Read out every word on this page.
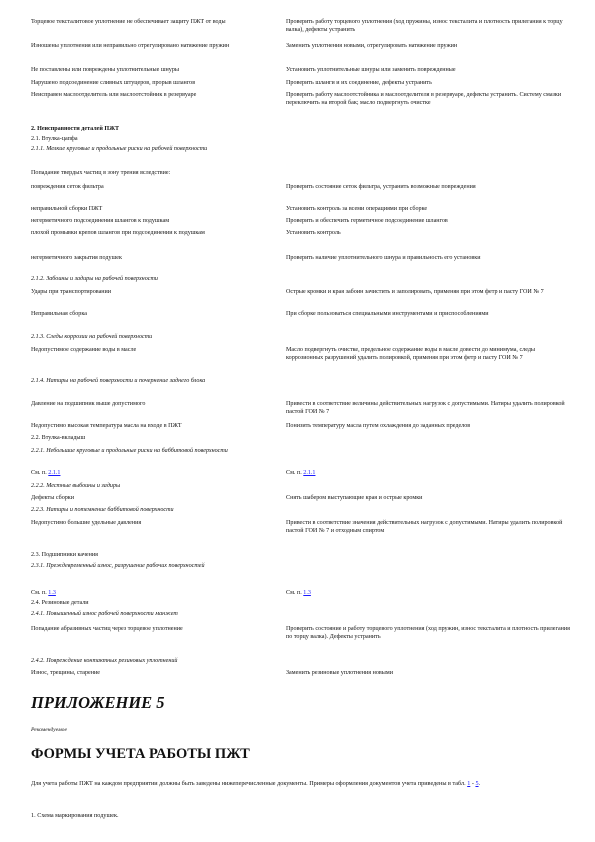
Торцевое тексталитовое уплотнение не обеспечивает защиту ПЖТ от воды	Проверить работу торцевого уплотнения (ход пружины, износ тексталита и плотность прилегания к торцу валка), дефекты устранить
Изношены уплотнения или неправильно отрегулировано натяжение пружин	Заменить уплотнения новыми, отрегулировать натяжение пружин
Не поставлены или повреждены уплотнительные шнуры	Установить уплотнительные шнуры или заменить поврежденные
Нарушено подсоединение сливных штуцеров, прорыв шлангов	Проверить шланги и их соединение, дефекты устранить
Неисправен маслоотделитель или маслоотстойник в резервуаре	Проверить работу маслоотстойника и маслоотделителя в резервуаре, дефекты устранить. Систему смазки переключить на второй бак; масло подвергнуть очистке
2. Неисправности деталей ПЖТ
2.1. Втулка-цапфа
2.1.1. Мелкие круговые и продольные риски на рабочей поверхности
Попадание твердых частиц в зону трения вследствие:
повреждения сеток фильтра	Проверить состояние сеток фильтра, устранить возможные повреждения
неправильной сборки ПЖТ	Установить контроль за всеми операциями при сборке
негерметичного подсоединения шлангов к подушкам	Проверить и обеспечить герметичное подсоединение шлангов
плохой промывки крепов шлангов при подсоединении к подушкам	Установить контроль
негерметичного закрытия подушек	Проверить наличие уплотнительного шнура и правильность его установки
2.1.2. Забоины и задиры на рабочей поверхности
Удары при транспортировании	Острые кромки и края забоин зачистить и заполировать, применяя при этом фетр и пасту ГОИ № 7
Неправильная сборка	При сборке пользоваться специальными инструментами и приспособлениями
2.1.3. Следы коррозии на рабочей поверхности
Недопустимое содержание воды в масле	Масло подвергнуть очистке, предельное содержание воды в масле довести до минимума, следы коррозионных разрушений удалить полировкой, применяя при этом фетр и пасту ГОИ № 7
2.1.4. Натиры на рабочей поверхности и почернение заднего блока
Давление на подшипник выше допустимого	Привести в соответствие величины действительных нагрузок с допустимыми. Натиры удалить полировкой пастой ГОИ № 7
Недопустимо высокая температура масла на входе в ПЖТ	Понизить температуру масла путем охлаждения до заданных пределов
2.2. Втулка-вкладыш
2.2.1. Небольшие круговые и продольные риски на баббитовой поверхности
См. п. 2.1.1	См. п. 2.1.1
2.2.2. Местные выбоины и задиры
Дефекты сборки	Снять шабером выступающие края и острые кромки
2.2.3. Натиры и потемнение баббитовой поверхности
Недопустимо большие удельные давления	Привести в соответствие значения действительных нагрузок с допустимыми. Натиры удалить полировкой пастой ГОИ № 7 и отходным спиртом
2.3. Подшипники качения
2.3.1. Преждевременный износ, разрушение рабочих поверхностей
См. п. 1.3	См. п. 1.3
2.4. Резиновые детали
2.4.1. Повышенный износ рабочей поверхности манжет
Попадание абразивных частиц через торцевое уплотнение	Проверить состояние и работу торцевого уплотнения (ход пружин, износ тексталита и плотность прилегания по торцу валка). Дефекты устранить
2.4.2. Повреждение контактных резиновых уплотнений
Износ, трещины, старение	Заменить резиновые уплотнения новыми
ПРИЛОЖЕНИЕ 5
Рекомендуемое
ФОРМЫ УЧЕТА РАБОТЫ ПЖТ
Для учета работы ПЖТ на каждом предприятии должны быть заведены нижеперечисленные документы. Примеры оформления документов учета приведены в табл. 1 - 5.
1. Схема маркирования подушек.
